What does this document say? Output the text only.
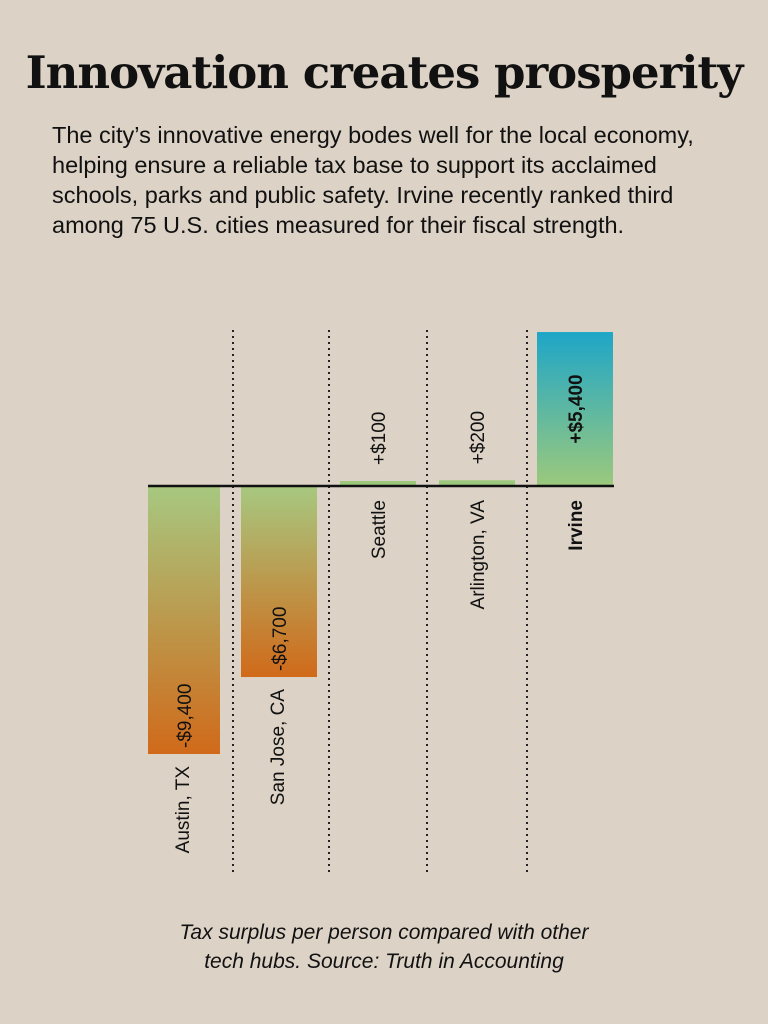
Innovation creates prosperity

The city’s innovative energy bodes well for the local economy, helping ensure a reliable tax base to support its acclaimed schools, parks and public safety. Irvine recently ranked third among 75 U.S. cities measured for their fiscal strength.

-$9,400
Austin, TX
-$6,700
San Jose, CA
+$100
Seattle
+$200
Arlington, VA
+$5,400
Irvine
Tax surplus per person compared with other
tech hubs. Source: Truth in Accounting
